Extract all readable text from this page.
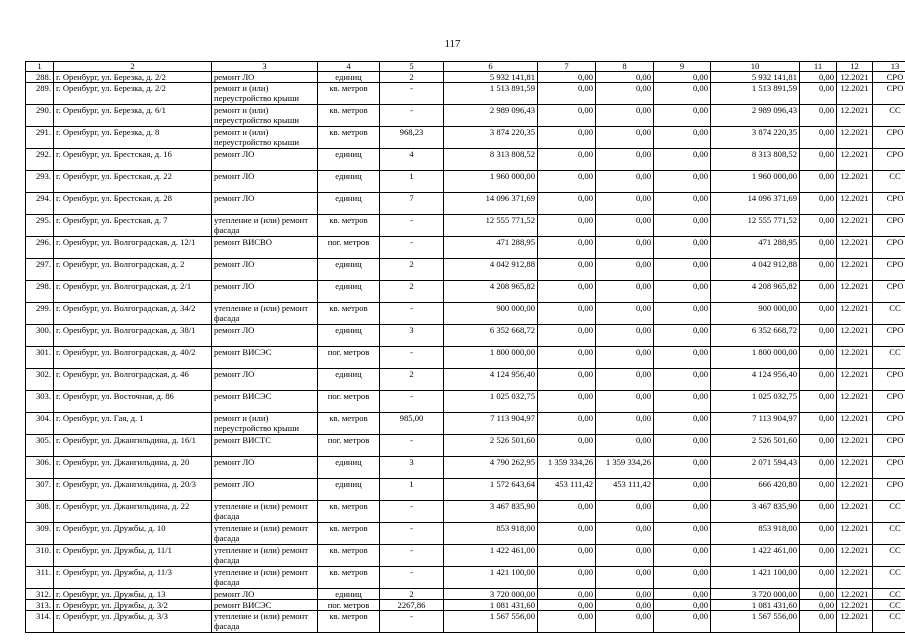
117
1	2	3	4	5	6	7	8	9	10	11	12	13
288.	г. Оренбург, ул. Березка, д. 2/2	ремонт ЛО	единиц	2	5 932 141,81	0,00	0,00	0,00	5 932 141,81	0,00	12.2021	СРО
289.	г. Оренбург, ул. Березка, д. 2/2	ремонт и (или) переустройство крыши	кв. метров	-	1 513 891,59	0,00	0,00	0,00	1 513 891,59	0,00	12.2021	СРО
290.	г. Оренбург, ул. Березка, д. 6/1	ремонт и (или) переустройство крыши	кв. метров	-	2 989 096,43	0,00	0,00	0,00	2 989 096,43	0,00	12.2021	СС
291.	г. Оренбург, ул. Березка, д. 8	ремонт и (или) переустройство крыши	кв. метров	968,23	3 874 220,35	0,00	0,00	0,00	3 874 220,35	0,00	12.2021	СРО
292.	г. Оренбург, ул. Брестская, д. 16	ремонт ЛО	единиц	4	8 313 808,52	0,00	0,00	0,00	8 313 808,52	0,00	12.2021	СРО
293.	г. Оренбург, ул. Брестская, д. 22	ремонт ЛО	единиц	1	1 960 000,00	0,00	0,00	0,00	1 960 000,00	0,00	12.2021	СС
294.	г. Оренбург, ул. Брестская, д. 28	ремонт ЛО	единиц	7	14 096 371,69	0,00	0,00	0,00	14 096 371,69	0,00	12.2021	СРО
295.	г. Оренбург, ул. Брестская, д. 7	утепление и (или) ремонт фасада	кв. метров	-	12 555 771,52	0,00	0,00	0,00	12 555 771,52	0,00	12.2021	СРО
296.	г. Оренбург, ул. Волгоградская, д. 12/1	ремонт ВИСВО	пог. метров	-	471 288,95	0,00	0,00	0,00	471 288,95	0,00	12.2021	СРО
297.	г. Оренбург, ул. Волгоградская, д. 2	ремонт ЛО	единиц	2	4 042 912,88	0,00	0,00	0,00	4 042 912,88	0,00	12.2021	СРО
298.	г. Оренбург, ул. Волгоградская, д. 2/1	ремонт ЛО	единиц	2	4 208 965,82	0,00	0,00	0,00	4 208 965,82	0,00	12.2021	СРО
299.	г. Оренбург, ул. Волгоградская, д. 34/2	утепление и (или) ремонт фасада	кв. метров	-	900 000,00	0,00	0,00	0,00	900 000,00	0,00	12.2021	СС
300.	г. Оренбург, ул. Волгоградская, д. 38/1	ремонт ЛО	единиц	3	6 352 668,72	0,00	0,00	0,00	6 352 668,72	0,00	12.2021	СРО
301.	г. Оренбург, ул. Волгоградская, д. 40/2	ремонт ВИСЭС	пог. метров	-	1 800 000,00	0,00	0,00	0,00	1 800 000,00	0,00	12.2021	СС
302.	г. Оренбург, ул. Волгоградская, д. 46	ремонт ЛО	единиц	2	4 124 956,40	0,00	0,00	0,00	4 124 956,40	0,00	12.2021	СРО
303.	г. Оренбург, ул. Восточная, д. 86	ремонт ВИСЭС	пог. метров	-	1 025 032,75	0,00	0,00	0,00	1 025 032,75	0,00	12.2021	СРО
304.	г. Оренбург, ул. Гая, д. 1	ремонт и (или) переустройство крыши	кв. метров	985,00	7 113 904,97	0,00	0,00	0,00	7 113 904,97	0,00	12.2021	СРО
305.	г. Оренбург, ул. Джангильдина, д. 16/1	ремонт ВИСТС	пог. метров	-	2 526 501,60	0,00	0,00	0,00	2 526 501,60	0,00	12.2021	СРО
306.	г. Оренбург, ул. Джангильдина, д. 20	ремонт ЛО	единиц	3	4 790 262,95	1 359 334,26	1 359 334,26	0,00	2 071 594,43	0,00	12.2021	СРО
307.	г. Оренбург, ул. Джангильдина, д. 20/3	ремонт ЛО	единиц	1	1 572 643,64	453 111,42	453 111,42	0,00	666 420,80	0,00	12.2021	СРО
308.	г. Оренбург, ул. Джангильдина, д. 22	утепление и (или) ремонт фасада	кв. метров	-	3 467 835,90	0,00	0,00	0,00	3 467 835,90	0,00	12.2021	СС
309.	г. Оренбург, ул. Дружбы, д. 10	утепление и (или) ремонт фасада	кв. метров	-	853 918,00	0,00	0,00	0,00	853 918,00	0,00	12.2021	СС
310.	г. Оренбург, ул. Дружбы, д. 11/1	утепление и (или) ремонт фасада	кв. метров	-	1 422 461,00	0,00	0,00	0,00	1 422 461,00	0,00	12.2021	СС
311.	г. Оренбург, ул. Дружбы, д. 11/3	утепление и (или) ремонт фасада	кв. метров	-	1 421 100,00	0,00	0,00	0,00	1 421 100,00	0,00	12.2021	СС
312.	г. Оренбург, ул. Дружбы, д. 13	ремонт ЛО	единиц	2	3 720 000,00	0,00	0,00	0,00	3 720 000,00	0,00	12.2021	СС
313.	г. Оренбург, ул. Дружбы, д. 3/2	ремонт ВИСЭС	пог. метров	2267,86	1 081 431,60	0,00	0,00	0,00	1 081 431,60	0,00	12.2021	СС
314.	г. Оренбург, ул. Дружбы, д. 3/3	утепление и (или) ремонт фасада	кв. метров	-	1 567 556,00	0,00	0,00	0,00	1 567 556,00	0,00	12.2021	СС
